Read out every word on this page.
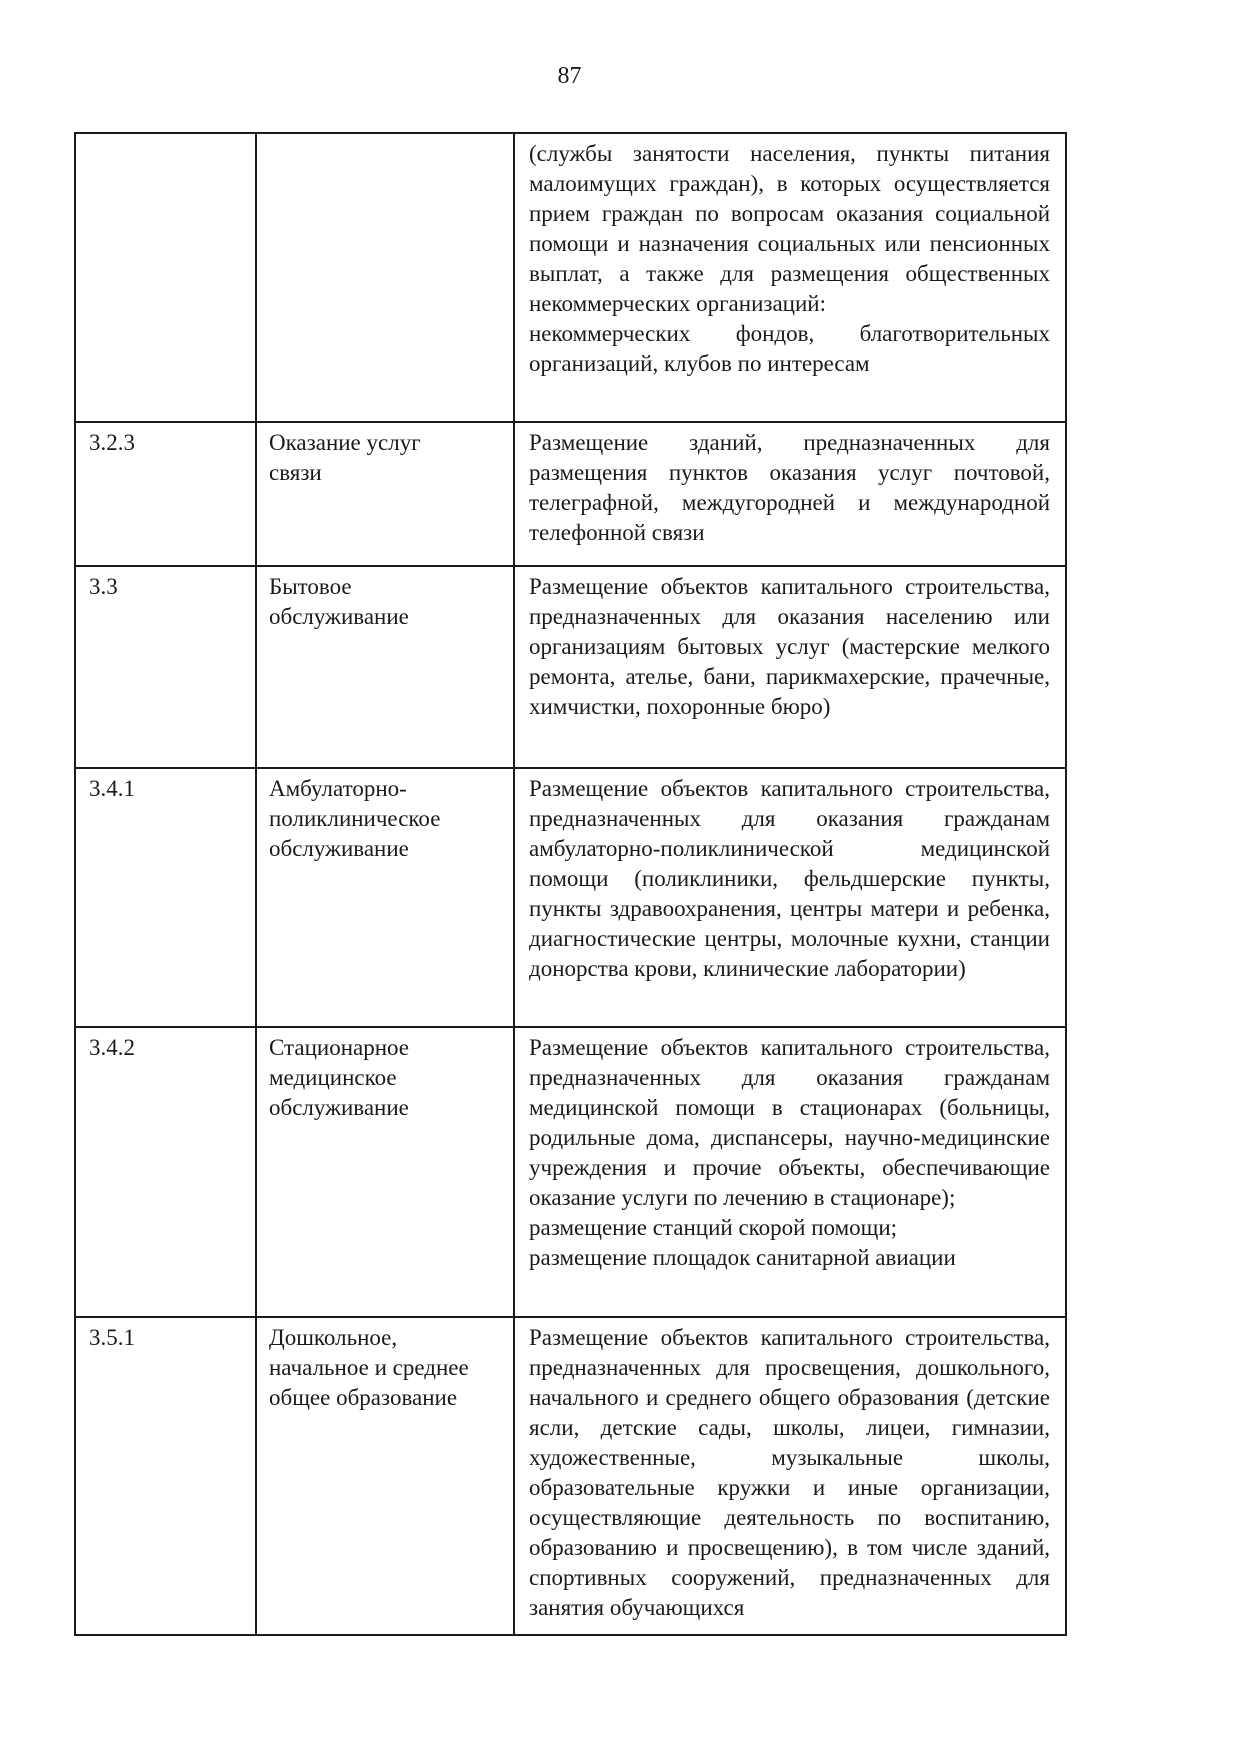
87

		(службы занятости населения, пункты питания малоимущих граждан), в которых осуществляется прием граждан по вопросам оказания социальной помощи и назначения социальных или пенсионных выплат, а также для размещения общественных некоммерческих организаций:

некоммерческих фондов, благотворительных организаций, клубов по интересам

3.2.3	Оказание услуг связи	Размещение зданий, предназначенных для размещения пунктов оказания услуг почтовой, телеграфной, междугородней и международной телефонной связи

3.3	Бытовое обслуживание	Размещение объектов капитального строительства, предназначенных для оказания населению или организациям бытовых услуг (мастерские мелкого ремонта, ателье, бани, парикмахерские, прачечные, химчистки, похоронные бюро)

3.4.1	Амбулаторно-поликлиническое обслуживание	Размещение объектов капитального строительства, предназначенных для оказания гражданам амбулаторно-поликлинической медицинской помощи (поликлиники, фельдшерские пункты, пункты здравоохранения, центры матери и ребенка, диагностические центры, молочные кухни, станции донорства крови, клинические лаборатории)

3.4.2	Стационарное медицинское обслуживание	Размещение объектов капитального строительства, предназначенных для оказания гражданам медицинской помощи в стационарах (больницы, родильные дома, диспансеры, научно-медицинские учреждения и прочие объекты, обеспечивающие оказание услуги по лечению в стационаре);

размещение станций скорой помощи;

размещение площадок санитарной авиации

3.5.1	Дошкольное, начальное и среднее общее образование	Размещение объектов капитального строительства, предназначенных для просвещения, дошкольного, начального и среднего общего образования (детские ясли, детские сады, школы, лицеи, гимназии, художественные, музыкальные школы, образовательные кружки и иные организации, осуществляющие деятельность по воспитанию, образованию и просвещению), в том числе зданий, спортивных сооружений, предназначенных для занятия обучающихся
